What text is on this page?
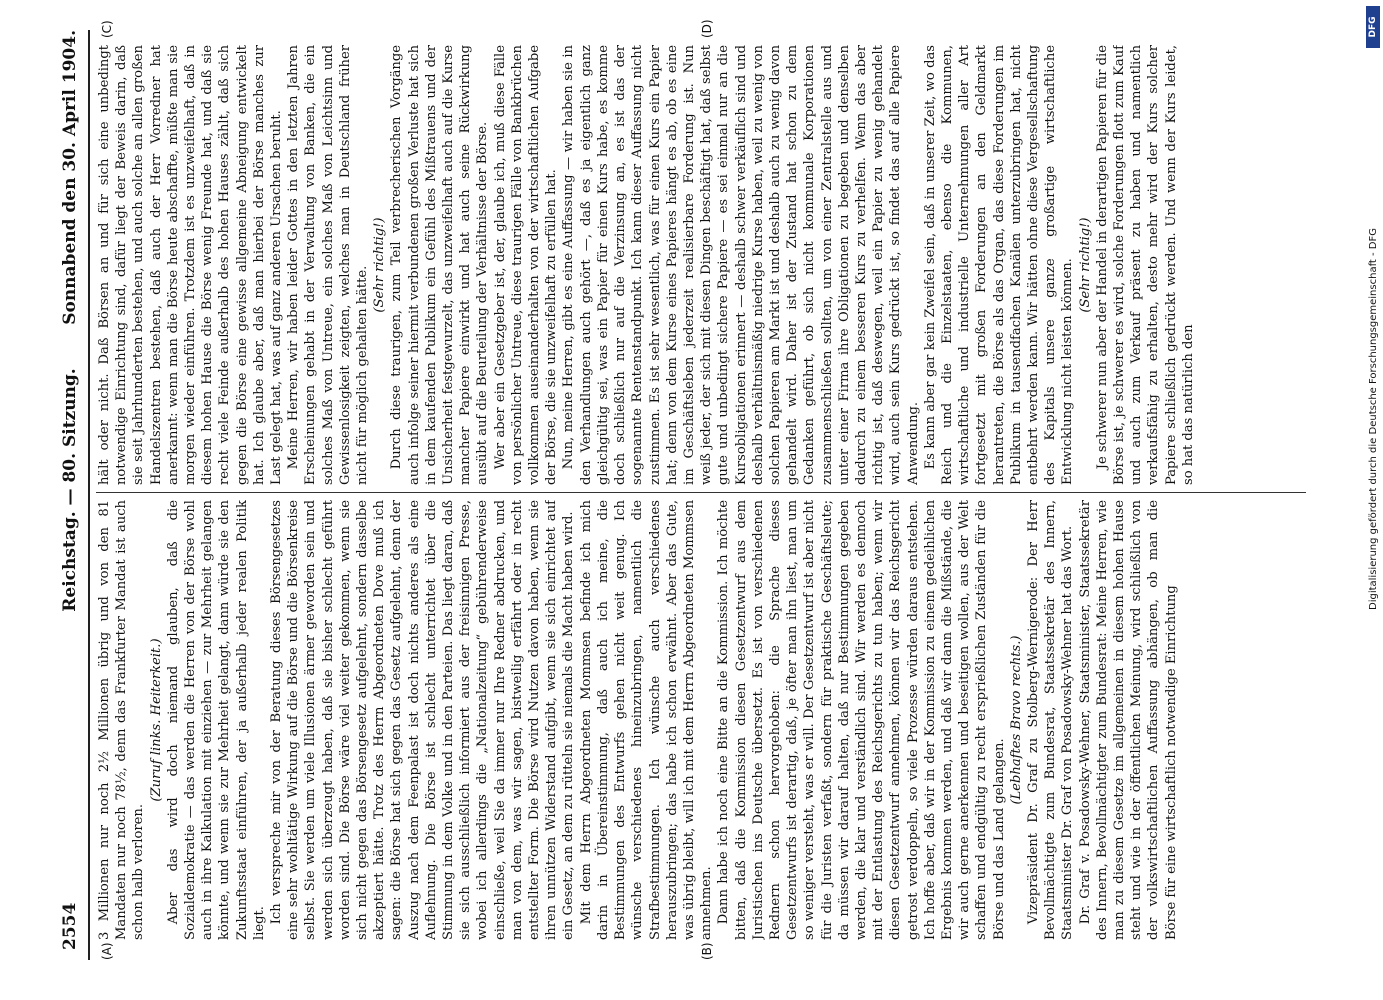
2554
Reichstag. — 80. Sitzung.
Sonnabend den 30. April 1904.
(A)	(B)
(C)	(D)

3 Millionen nur noch 2½ Millionen übrig und von den 81 Mandaten nur noch 78½, denn das Frankfurter Mandat ist auch schon halb verloren.

(Zuruf links. Heiterkeit.) Aber das wird doch niemand glauben, daß die Sozialdemokratie — das werden die Herren von der Börse wohl auch in ihre Kalkulation mit einziehen — zur Mehrheit gelangen könnte, und wenn sie zur Mehrheit gelangt, dann würde sie den Zukunftsstaat einführen, der ja außerhalb jeder realen Politik liegt. Ich verspreche mir von der Beratung dieses Börsengesetzes eine sehr wohltätige Wirkung auf die Börse und die Börsenkreise selbst. Sie werden um viele Illusionen ärmer geworden sein und werden sich überzeugt haben, daß sie bisher schlecht geführt worden sind. Die Börse wäre viel weiter gekommen, wenn sie sich nicht gegen das Börsengesetz aufgelehnt, sondern dasselbe akzeptiert hätte. Trotz des Herrn Abgeordneten Dove muß ich sagen: die Börse hat sich gegen das Gesetz aufgelehnt, denn der Auszug nach dem Feenpalast ist doch nichts anderes als eine Auflehnung. Die Börse ist schlecht unterrichtet über die Stimmung in dem Volke und in den Parteien. Das liegt daran, daß sie sich ausschließlich informiert aus der freisinnigen Presse, wobei ich allerdings die „Nationalzeitung“ gebührenderweise einschließe, weil Sie da immer nur Ihre Redner abdrucken, und man von dem, was wir sagen, bistweilig erfährt oder in recht entstellter Form. Die Börse wird Nutzen davon haben, wenn sie ihren unnützen Widerstand aufgibt, wenn sie sich einrichtet auf ein Gesetz, an dem zu rütteln sie niemals die Macht haben wird. Mit dem Herrn Abgeordneten Mommsen befinde ich mich darin in Übereinstimmung, daß auch ich meine, die Bestimmungen des Entwurfs gehen nicht weit genug. Ich wünsche verschiedenes hineinzubringen, namentlich die Strafbestimmungen. Ich wünsche auch verschiedenes herauszubringen; das habe ich schon erwähnt. Aber das Gute, was übrig bleibt, will ich mit dem Herrn Abgeordneten Mommsen annehmen. Dann habe ich noch eine Bitte an die Kommission. Ich möchte bitten, daß die Kommission diesen Gesetzentwurf aus dem Juristischen ins Deutsche übersetzt. Es ist von verschiedenen Rednern schon hervorgehoben: die Sprache dieses Gesetzentwurfs ist derartig, daß, je öfter man ihn liest, man um so weniger versteht, was er will. Der Gesetzentwurf ist aber nicht für die Juristen verfaßt, sondern für praktische Geschäftsleute; da müssen wir darauf halten, daß nur Bestimmungen gegeben werden, die klar und verständlich sind. Wir werden es dennoch mit der Entlastung des Reichsgerichts zu tun haben; wenn wir diesen Gesetzentwurf annehmen, können wir das Reichsgericht getrost verdoppeln, so viele Prozesse würden daraus entstehen. Ich hoffe aber, daß wir in der Kommission zu einem gedeihlichen Ergebnis kommen werden, und daß wir dann die Mißstände, die wir auch gerne anerkennen und beseitigen wollen, aus der Welt schaffen und endgültig zu recht ersprießlichen Zuständen für die Börse und das Land gelangen.

(Lebhaftes Bravo rechts.) Vizepräsident Dr. Graf zu Stolberg-Wernigerode: Der Herr Bevollmächtigte zum Bundesrat, Staatssekretär des Innern, Staatsminister Dr. Graf von Posadowsky-Wehner hat das Wort. Dr. Graf v. Posadowsky-Wehner, Staatsminister, Staatssekretär des Innern, Bevollmächtigter zum Bundesrat: Meine Herren, wie man zu diesem Gesetze im allgemeinen in diesem hohen Hause steht und wie in der öffentlichen Meinung, wird schließlich von der volkswirtschaftlichen Auffassung abhängen, ob man die Börse für eine wirtschaftlich notwendige Einrichtung

hält oder nicht. Daß Börsen an und für sich eine unbedingt notwendige Einrichtung sind, dafür liegt der Beweis darin, daß sie seit Jahrhunderten bestehen, und auch solche an allen großen Handelszentren bestehen, daß auch der Herr Vorredner hat anerkannt: wenn man die Börse heute abschaffte, müßte man sie morgen wieder einführen. Trotzdem ist es unzweifelhaft, daß in diesem hohen Hause die Börse wenig Freunde hat, und daß sie recht viele Feinde außerhalb des hohen Hauses zählt, daß sich gegen die Börse eine gewisse allgemeine Abneigung entwickelt hat. Ich glaube aber, daß man hierbei der Börse manches zur Last gelegt hat, was auf ganz anderen Ursachen beruht. Meine Herren, wir haben leider Gottes in den letzten Jahren Erscheinungen gehabt in der Verwaltung von Banken, die ein solches Maß von Untreue, ein solches Maß von Leichtsinn und Gewissenlosigkeit zeigten, welches man in Deutschland früher nicht für möglich gehalten hätte.

(Sehr richtig!) Durch diese traurigen, zum Teil verbrecherischen Vorgänge auch infolge seiner hiermit verbundenen großen Verluste hat sich in dem kaufenden Publikum ein Gefühl des Mißtrauens und der Unsicherheit festgewurzelt, das unzweifelhaft auch auf die Kurse mancher Papiere einwirkt und hat auch seine Rückwirkung ausübt auf die Beurteilung der Verhältnisse der Börse. Wer aber ein Gesetzgeber ist, der, glaube ich, muß diese Fälle von persönlicher Untreue, diese traurigen Fälle von Bankbrüchen vollkommen auseinanderhalten von der wirtschaftlichen Aufgabe der Börse, die sie unzweifelhaft zu erfüllen hat. Nun, meine Herren, gibt es eine Auffassung — wir haben sie in den Verhandlungen auch gehört —, daß es ja eigentlich ganz gleichgültig sei, was ein Papier für einen Kurs habe, es komme doch schließlich nur auf die Verzinsung an, es ist das der sogenannte Rentenstandpunkt. Ich kann dieser Auffassung nicht zustimmen. Es ist sehr wesentlich, was für einen Kurs ein Papier hat; denn von dem Kurse eines Papieres hängt es ab, ob es eine im Geschäftsleben jederzeit realisierbare Forderung ist. Nun weiß jeder, der sich mit diesen Dingen beschäftigt hat, daß selbst gute und unbedingt sichere Papiere — es sei einmal nur an die Kursobligationen erinnert — deshalb schwer verkäuflich sind und deshalb verhältnismäßig niedrige Kurse haben, weil zu wenig von solchen Papieren am Markt ist und deshalb auch zu wenig davon gehandelt wird. Daher ist der Zustand hat schon zu dem Gedanken geführt, ob sich nicht kommunale Korporationen zusammenschließen sollten, um von einer Zentralstelle aus und unter einer Firma ihre Obligationen zu begeben und denselben dadurch zu einem besseren Kurs zu verhelfen. Wenn das aber richtig ist, daß deswegen, weil ein Papier zu wenig gehandelt wird, auch sein Kurs gedrückt ist, so findet das auf alle Papiere Anwendung. Es kann aber gar kein Zweifel sein, daß in unserer Zeit, wo das Reich und die Einzelstaaten, ebenso die Kommunen, wirtschaftliche und industrielle Unternehmungen aller Art fortgesetzt mit großen Forderungen an den Geldmarkt herantreten, die Börse als das Organ, das diese Forderungen im Publikum in tausendfachen Kanälen unterzubringen hat, nicht entbehrt werden kann. Wir hätten ohne diese Vergesellschaftung des Kapitals unsere ganze großartige wirtschaftliche Entwicklung nicht leisten können. (Sehr richtig!) Je schwerer nun aber der Handel in derartigen Papieren für die Börse ist, je schwerer es wird, solche Forderungen flott zum Kauf und auch zum Verkauf präsent zu haben und namentlich verkaufsfähig zu erhalten, desto mehr wird der Kurs solcher Papiere schließlich gedrückt werden. Und wenn der Kurs leidet, so hat das natürlich den

DFG
Digitalisierung gefördert durch die Deutsche Forschungsgemeinschaft - DFG
